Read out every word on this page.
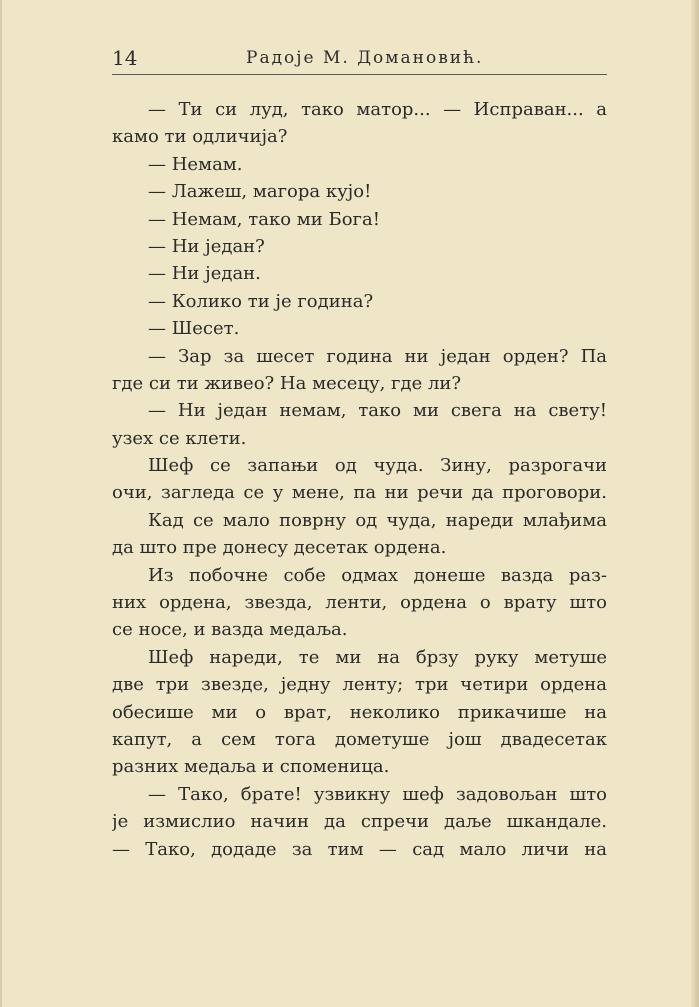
14	Радоје М. Домановић.
— Ти си луд, тако матор... — Исправан... а
камо ти одличија?
— Немам.
— Лажеш, магора кујо!
— Немам, тако ми Бога!
— Ни један?
— Ни један.
— Колико ти је година?
— Шесет.
— Зар за шесет година ни један орден? Па
где си ти живео? На месецу, где ли?
— Ни један немам, тако ми свега на свету!
узех се клети.
Шеф се запањи од чуда. Зину, разрогачи
очи, заглeда се у мене, па ни речи да проговори.
Кад се мало поврну од чуда, нареди млађима
да што пре донесу десетак ордена.
Из побочне собе одмах донеше вазда раз-
них ордена, звезда, ленти, ордена о врату што
се носе, и вазда медаља.
Шеф нареди, те ми на брзу руку метуше
две три звезде, једну ленту; три четири ордена
обесише ми о врат, неколико прикачише на
капут, а сем тога дометуше још двадесетак
разних медаља и споменица.
— Тако, брате! узвикну шеф задовољан што
је измислио начин да спречи даље шкандале.
— Тако, додаде за тим — сад мало личи на
